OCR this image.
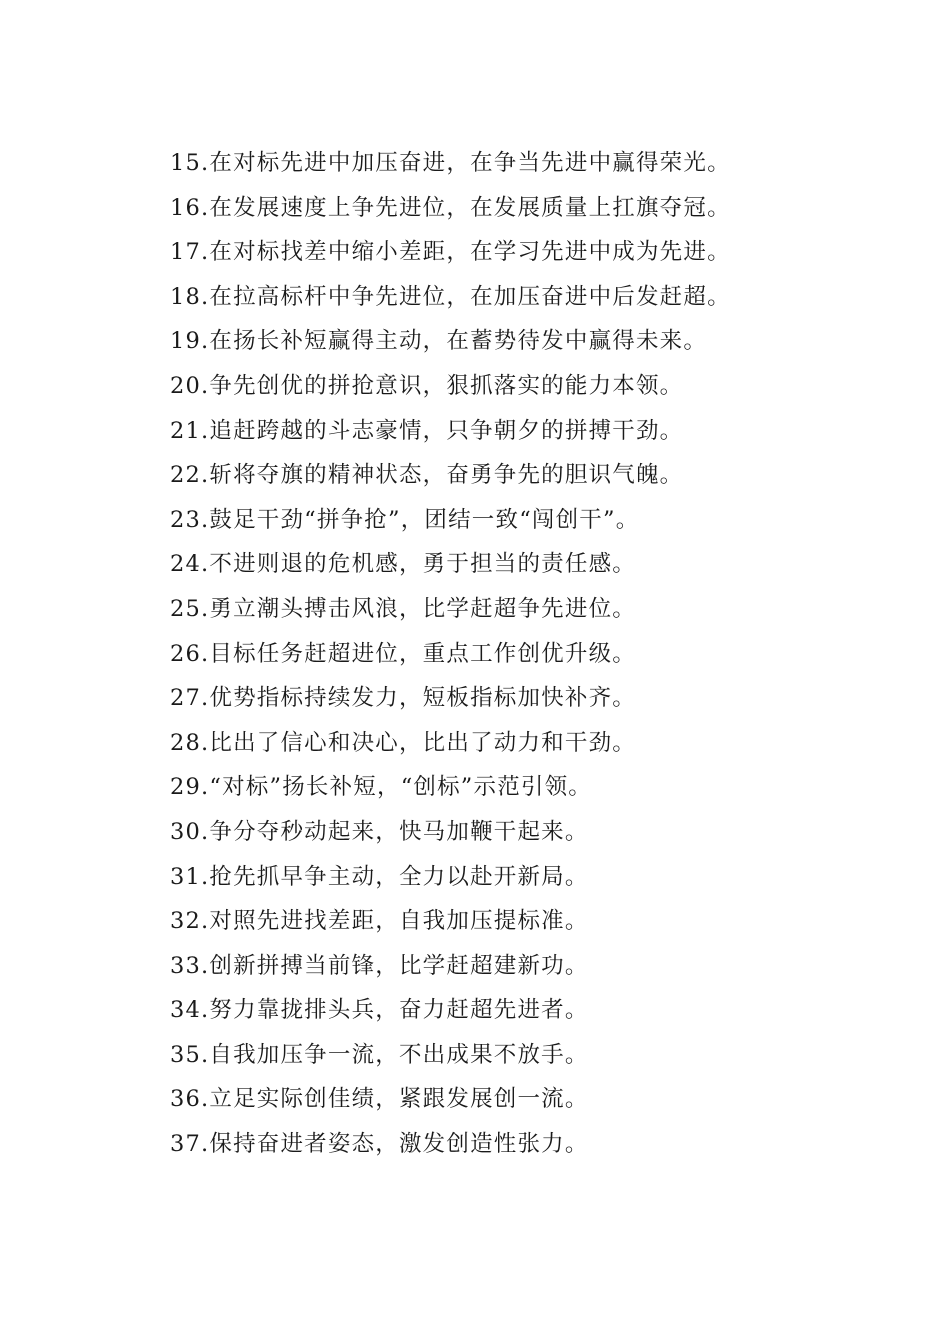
15.在对标先进中加压奋进，在争当先进中赢得荣光。
16.在发展速度上争先进位，在发展质量上扛旗夺冠。
17.在对标找差中缩小差距，在学习先进中成为先进。
18.在拉高标杆中争先进位，在加压奋进中后发赶超。
19.在扬长补短赢得主动，在蓄势待发中赢得未来。
20.争先创优的拼抢意识，狠抓落实的能力本领。
21.追赶跨越的斗志豪情，只争朝夕的拼搏干劲。
22.斩将夺旗的精神状态，奋勇争先的胆识气魄。
23.鼓足干劲“拼争抢”，团结一致“闯创干”。
24.不进则退的危机感，勇于担当的责任感。
25.勇立潮头搏击风浪，比学赶超争先进位。
26.目标任务赶超进位，重点工作创优升级。
27.优势指标持续发力，短板指标加快补齐。
28.比出了信心和决心，比出了动力和干劲。
29.“对标”扬长补短，“创标”示范引领。
30.争分夺秒动起来，快马加鞭干起来。
31.抢先抓早争主动，全力以赴开新局。
32.对照先进找差距，自我加压提标准。
33.创新拼搏当前锋，比学赶超建新功。
34.努力靠拢排头兵，奋力赶超先进者。
35.自我加压争一流，不出成果不放手。
36.立足实际创佳绩，紧跟发展创一流。
37.保持奋进者姿态，激发创造性张力。
